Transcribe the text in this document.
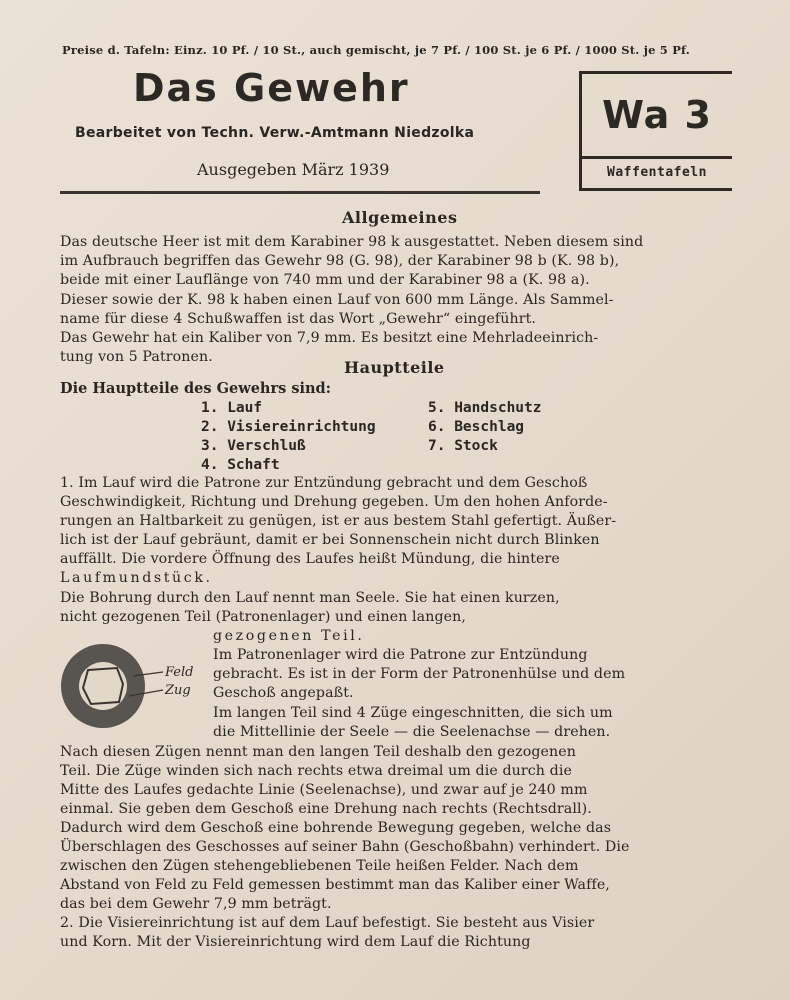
Preise d. Tafeln: Einz. 10 Pf. / 10 St., auch gemischt, je 7 Pf. / 100 St. je 6 Pf. / 1000 St. je 5 Pf.
Das Gewehr
Bearbeitet von Techn. Verw.-Amtmann Niedzolka
Ausgegeben März 1939
Wa 3
Waffentafeln
Allgemeines
Das deutsche Heer ist mit dem Karabiner 98 k ausgestattet. Neben diesem sind
im Aufbrauch begriffen das Gewehr 98 (G. 98), der Karabiner 98 b (K. 98 b),
beide mit einer Lauflänge von 740 mm und der Karabiner 98 a (K. 98 a).
Dieser sowie der K. 98 k haben einen Lauf von 600 mm Länge. Als Sammel-
name für diese 4 Schußwaffen ist das Wort „Gewehr“ eingeführt.
Das Gewehr hat ein Kaliber von 7,9 mm. Es besitzt eine Mehrladeeinrich-
tung von 5 Patronen.
Hauptteile
Die Hauptteile des Gewehrs sind:
1. Lauf
2. Visiereinrichtung
3. Verschluß
4. Schaft
5. Handschutz
6. Beschlag
7. Stock
1. Im Lauf wird die Patrone zur Entzündung gebracht und dem Geschoß
Geschwindigkeit, Richtung und Drehung gegeben. Um den hohen Anforde-
rungen an Haltbarkeit zu genügen, ist er aus bestem Stahl gefertigt. Äußer-
lich ist der Lauf gebräunt, damit er bei Sonnenschein nicht durch Blinken
auffällt. Die vordere Öffnung des Laufes heißt Mündung, die hintere
Laufmundstück.
Die Bohrung durch den Lauf nennt man Seele. Sie hat einen kurzen,
nicht gezogenen Teil (Patronenlager) und einen langen,
gezogenen Teil.
Im Patronenlager wird die Patrone zur Entzündung
gebracht. Es ist in der Form der Patronenhülse und dem
Geschoß angepaßt.
Im langen Teil sind 4 Züge eingeschnitten, die sich um
die Mittellinie der Seele — die Seelenachse — drehen.
Feld
Zug
Nach diesen Zügen nennt man den langen Teil deshalb den gezogenen
Teil. Die Züge winden sich nach rechts etwa dreimal um die durch die
Mitte des Laufes gedachte Linie (Seelenachse), und zwar auf je 240 mm
einmal. Sie geben dem Geschoß eine Drehung nach rechts (Rechtsdrall).
Dadurch wird dem Geschoß eine bohrende Bewegung gegeben, welche das
Überschlagen des Geschosses auf seiner Bahn (Geschoßbahn) verhindert. Die
zwischen den Zügen stehengebliebenen Teile heißen Felder. Nach dem
Abstand von Feld zu Feld gemessen bestimmt man das Kaliber einer Waffe,
das bei dem Gewehr 7,9 mm beträgt.
2. Die Visiereinrichtung ist auf dem Lauf befestigt. Sie besteht aus Visier
und Korn. Mit der Visiereinrichtung wird dem Lauf die Richtung
